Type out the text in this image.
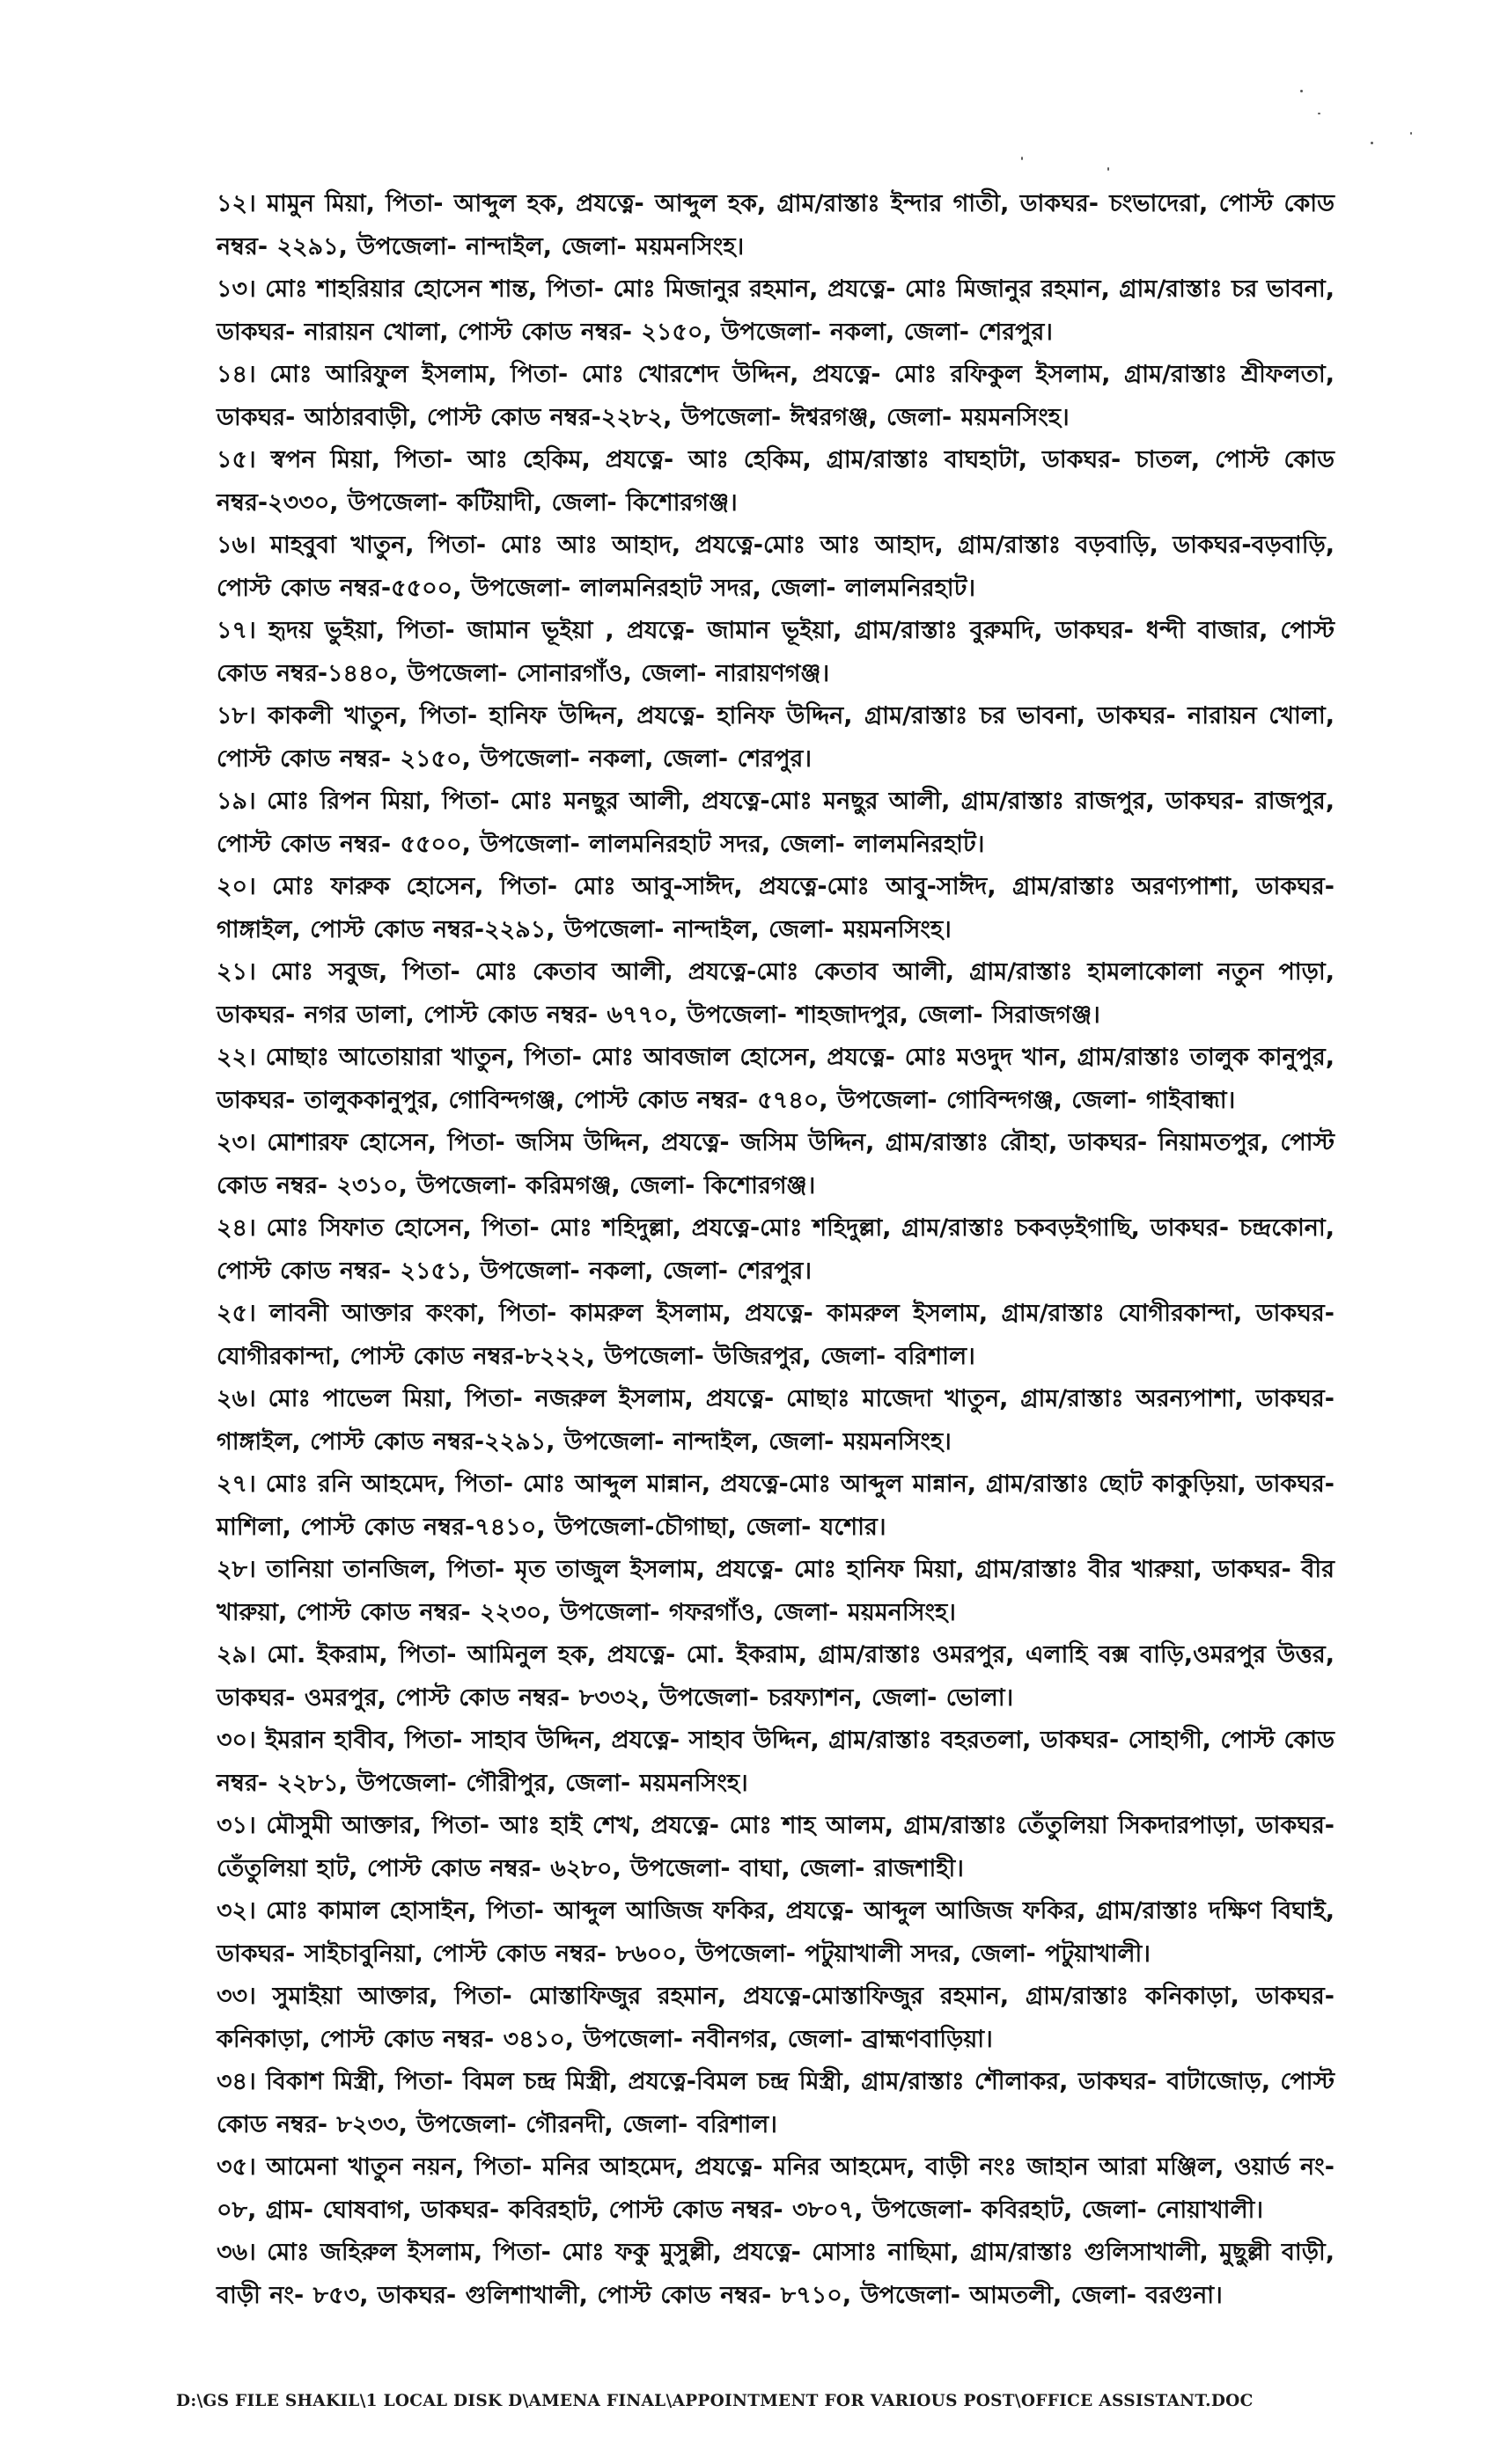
১২। মামুন মিয়া, পিতা- আব্দুল হক, প্রযত্নে- আব্দুল হক, গ্রাম/রাস্তাঃ ইন্দার গাতী, ডাকঘর- চংভাদেরা, পোস্ট কোড নম্বর- ২২৯১, উপজেলা- নান্দাইল, জেলা- ময়মনসিংহ।

১৩। মোঃ শাহরিয়ার হোসেন শান্ত, পিতা- মোঃ মিজানুর রহমান, প্রযত্নে- মোঃ মিজানুর রহমান, গ্রাম/রাস্তাঃ চর ভাবনা, ডাকঘর- নারায়ন খোলা, পোস্ট কোড নম্বর- ২১৫০, উপজেলা- নকলা, জেলা- শেরপুর।

১৪। মোঃ আরিফুল ইসলাম, পিতা- মোঃ খোরশেদ উদ্দিন, প্রযত্নে- মোঃ রফিকুল ইসলাম, গ্রাম/রাস্তাঃ শ্রীফলতা, ডাকঘর- আঠারবাড়ী, পোস্ট কোড নম্বর-২২৮২, উপজেলা- ঈশ্বরগঞ্জ, জেলা- ময়মনসিংহ।

১৫। স্বপন মিয়া, পিতা- আঃ হেকিম, প্রযত্নে- আঃ হেকিম, গ্রাম/রাস্তাঃ বাঘহাটা, ডাকঘর- চাতল, পোস্ট কোড নম্বর-২৩৩০, উপজেলা- কটিয়াদী, জেলা- কিশোরগঞ্জ।

১৬। মাহবুবা খাতুন, পিতা- মোঃ আঃ আহাদ, প্রযত্নে-মোঃ আঃ আহাদ, গ্রাম/রাস্তাঃ বড়বাড়ি, ডাকঘর-বড়বাড়ি, পোস্ট কোড নম্বর-৫৫০০, উপজেলা- লালমনিরহাট সদর, জেলা- লালমনিরহাট।

১৭। হৃদয় ভুইয়া, পিতা- জামান ভূইয়া , প্রযত্নে- জামান ভূইয়া, গ্রাম/রাস্তাঃ বুরুমদি, ডাকঘর- ধন্দী বাজার, পোস্ট কোড নম্বর-১৪৪০, উপজেলা- সোনারগাঁও, জেলা- নারায়ণগঞ্জ।

১৮। কাকলী খাতুন, পিতা- হানিফ উদ্দিন, প্রযত্নে- হানিফ উদ্দিন, গ্রাম/রাস্তাঃ চর ভাবনা, ডাকঘর- নারায়ন খোলা, পোস্ট কোড নম্বর- ২১৫০, উপজেলা- নকলা, জেলা- শেরপুর।

১৯। মোঃ রিপন মিয়া, পিতা- মোঃ মনছুর আলী, প্রযত্নে-মোঃ মনছুর আলী, গ্রাম/রাস্তাঃ রাজপুর, ডাকঘর- রাজপুর, পোস্ট কোড নম্বর- ৫৫০০, উপজেলা- লালমনিরহাট সদর, জেলা- লালমনিরহাট।

২০। মোঃ ফারুক হোসেন, পিতা- মোঃ আবু-সাঈদ, প্রযত্নে-মোঃ আবু-সাঈদ, গ্রাম/রাস্তাঃ অরণ্যপাশা, ডাকঘর- গাঙ্গাইল, পোস্ট কোড নম্বর-২২৯১, উপজেলা- নান্দাইল, জেলা- ময়মনসিংহ।

২১। মোঃ সবুজ, পিতা- মোঃ কেতাব আলী, প্রযত্নে-মোঃ কেতাব আলী, গ্রাম/রাস্তাঃ হামলাকোলা নতুন পাড়া, ডাকঘর- নগর ডালা, পোস্ট কোড নম্বর- ৬৭৭০, উপজেলা- শাহজাদপুর, জেলা- সিরাজগঞ্জ।

২২। মোছাঃ আতোয়ারা খাতুন, পিতা- মোঃ আবজাল হোসেন, প্রযত্নে- মোঃ মওদুদ খান, গ্রাম/রাস্তাঃ তালুক কানুপুর, ডাকঘর- তালুককানুপুর, গোবিন্দগঞ্জ, পোস্ট কোড নম্বর- ৫৭৪০, উপজেলা- গোবিন্দগঞ্জ, জেলা- গাইবান্ধা।

২৩। মোশারফ হোসেন, পিতা- জসিম উদ্দিন, প্রযত্নে- জসিম উদ্দিন, গ্রাম/রাস্তাঃ রৌহা, ডাকঘর- নিয়ামতপুর, পোস্ট কোড নম্বর- ২৩১০, উপজেলা- করিমগঞ্জ, জেলা- কিশোরগঞ্জ।

২৪। মোঃ সিফাত হোসেন, পিতা- মোঃ শহিদুল্লা, প্রযত্নে-মোঃ শহিদুল্লা, গ্রাম/রাস্তাঃ চকবড়ইগাছি, ডাকঘর- চন্দ্রকোনা, পোস্ট কোড নম্বর- ২১৫১, উপজেলা- নকলা, জেলা- শেরপুর।

২৫। লাবনী আক্তার কংকা, পিতা- কামরুল ইসলাম, প্রযত্নে- কামরুল ইসলাম, গ্রাম/রাস্তাঃ যোগীরকান্দা, ডাকঘর- যোগীরকান্দা, পোস্ট কোড নম্বর-৮২২২, উপজেলা- উজিরপুর, জেলা- বরিশাল।

২৬। মোঃ পাভেল মিয়া, পিতা- নজরুল ইসলাম, প্রযত্নে- মোছাঃ মাজেদা খাতুন, গ্রাম/রাস্তাঃ অরন্যপাশা, ডাকঘর- গাঙ্গাইল, পোস্ট কোড নম্বর-২২৯১, উপজেলা- নান্দাইল, জেলা- ময়মনসিংহ।

২৭। মোঃ রনি আহমেদ, পিতা- মোঃ আব্দুল মান্নান, প্রযত্নে-মোঃ আব্দুল মান্নান, গ্রাম/রাস্তাঃ ছোট কাকুড়িয়া, ডাকঘর- মাশিলা, পোস্ট কোড নম্বর-৭৪১০, উপজেলা-চৌগাছা, জেলা- যশোর।

২৮। তানিয়া তানজিল, পিতা- মৃত তাজুল ইসলাম, প্রযত্নে- মোঃ হানিফ মিয়া, গ্রাম/রাস্তাঃ বীর খারুয়া, ডাকঘর- বীর খারুয়া, পোস্ট কোড নম্বর- ২২৩০, উপজেলা- গফরগাঁও, জেলা- ময়মনসিংহ।

২৯। মো. ইকরাম, পিতা- আমিনুল হক, প্রযত্নে- মো. ইকরাম, গ্রাম/রাস্তাঃ ওমরপুর, এলাহি বক্স বাড়ি,ওমরপুর উত্তর, ডাকঘর- ওমরপুর, পোস্ট কোড নম্বর- ৮৩৩২, উপজেলা- চরফ্যাশন, জেলা- ভোলা।

৩০। ইমরান হাবীব, পিতা- সাহাব উদ্দিন, প্রযত্নে- সাহাব উদ্দিন, গ্রাম/রাস্তাঃ বহরতলা, ডাকঘর- সোহাগী, পোস্ট কোড নম্বর- ২২৮১, উপজেলা- গৌরীপুর, জেলা- ময়মনসিংহ।

৩১। মৌসুমী আক্তার, পিতা- আঃ হাই শেখ, প্রযত্নে- মোঃ শাহ আলম, গ্রাম/রাস্তাঃ তেঁতুলিয়া সিকদারপাড়া, ডাকঘর- তেঁতুলিয়া হাট, পোস্ট কোড নম্বর- ৬২৮০, উপজেলা- বাঘা, জেলা- রাজশাহী।

৩২। মোঃ কামাল হোসাইন, পিতা- আব্দুল আজিজ ফকির, প্রযত্নে- আব্দুল আজিজ ফকির, গ্রাম/রাস্তাঃ দক্ষিণ বিঘাই, ডাকঘর- সাইচাবুনিয়া, পোস্ট কোড নম্বর- ৮৬০০, উপজেলা- পটুয়াখালী সদর, জেলা- পটুয়াখালী।

৩৩। সুমাইয়া আক্তার, পিতা- মোস্তাফিজুর রহমান, প্রযত্নে-মোস্তাফিজুর রহমান, গ্রাম/রাস্তাঃ কনিকাড়া, ডাকঘর- কনিকাড়া, পোস্ট কোড নম্বর- ৩৪১০, উপজেলা- নবীনগর, জেলা- ব্রাহ্মণবাড়িয়া।

৩৪। বিকাশ মিস্ত্রী, পিতা- বিমল চন্দ্র মিস্ত্রী, প্রযত্নে-বিমল চন্দ্র মিস্ত্রী, গ্রাম/রাস্তাঃ শৌলাকর, ডাকঘর- বাটাজোড়, পোস্ট কোড নম্বর- ৮২৩৩, উপজেলা- গৌরনদী, জেলা- বরিশাল।

৩৫। আমেনা খাতুন নয়ন, পিতা- মনির আহমেদ, প্রযত্নে- মনির আহমেদ, বাড়ী নংঃ জাহান আরা মঞ্জিল, ওয়ার্ড নং- ০৮, গ্রাম- ঘোষবাগ, ডাকঘর- কবিরহাট, পোস্ট কোড নম্বর- ৩৮০৭, উপজেলা- কবিরহাট, জেলা- নোয়াখালী।

৩৬। মোঃ জহিরুল ইসলাম, পিতা- মোঃ ফকু মুসুল্লী, প্রযত্নে- মোসাঃ নাছিমা, গ্রাম/রাস্তাঃ গুলিসাখালী, মুছুল্লী বাড়ী, বাড়ী নং- ৮৫৩, ডাকঘর- গুলিশাখালী, পোস্ট কোড নম্বর- ৮৭১০, উপজেলা- আমতলী, জেলা- বরগুনা।

D:\GS FILE SHAKIL\1 LOCAL DISK D\AMENA FINAL\APPOINTMENT FOR VARIOUS POST\OFFICE ASSISTANT.DOC
